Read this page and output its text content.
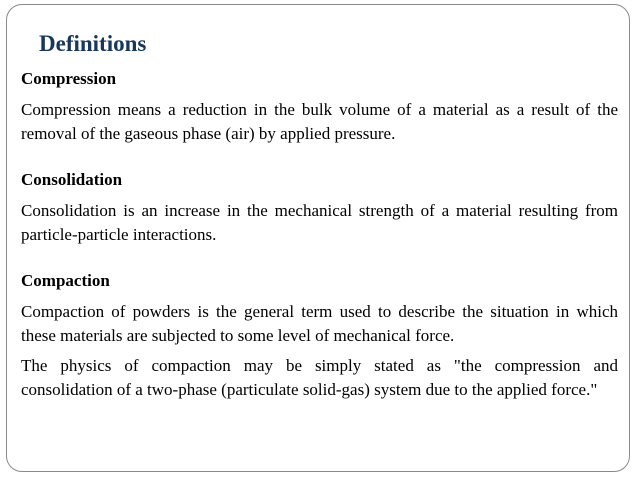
Definitions

Compression

Compression means a reduction in the bulk volume of a material as a result of the removal of the gaseous phase (air) by applied pressure.

Consolidation

Consolidation is an increase in the mechanical strength of a material resulting from particle-particle interactions.

Compaction

Compaction of powders is the general term used to describe the situation in which these materials are subjected to some level of mechanical force.

The physics of compaction may be simply stated as "the compression and consolidation of a two-phase (particulate solid-gas) system due to the applied force."
